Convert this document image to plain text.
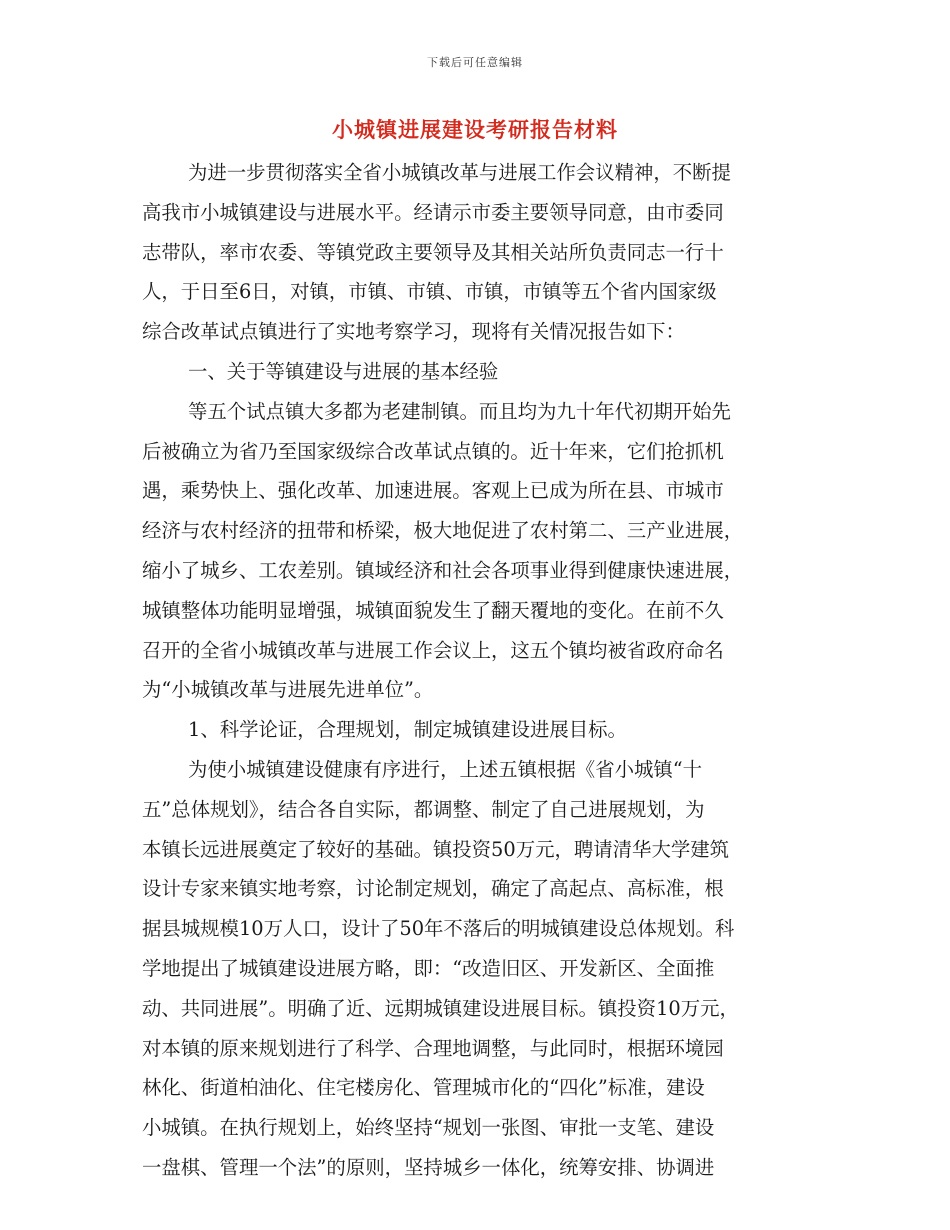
下载后可任意编辑
小城镇进展建设考研报告材料
为进一步贯彻落实全省小城镇改革与进展工作会议精神，不断提
高我市小城镇建设与进展水平。经请示市委主要领导同意，由市委同
志带队，率市农委、等镇党政主要领导及其相关站所负责同志一行十
人，于日至6日，对镇，市镇、市镇、市镇，市镇等五个省内国家级
综合改革试点镇进行了实地考察学习，现将有关情况报告如下：
一、关于等镇建设与进展的基本经验
等五个试点镇大多都为老建制镇。而且均为九十年代初期开始先
后被确立为省乃至国家级综合改革试点镇的。近十年来，它们抢抓机
遇，乘势快上、强化改革、加速进展。客观上已成为所在县、市城市
经济与农村经济的扭带和桥梁，极大地促进了农村第二、三产业进展，
缩小了城乡、工农差别。镇域经济和社会各项事业得到健康快速进展，
城镇整体功能明显增强，城镇面貌发生了翻天覆地的变化。在前不久
召开的全省小城镇改革与进展工作会议上，这五个镇均被省政府命名
为“小城镇改革与进展先进单位”。
1、科学论证，合理规划，制定城镇建设进展目标。
为使小城镇建设健康有序进行，上述五镇根据《省小城镇“十
五”总体规划》，结合各自实际，都调整、制定了自己进展规划，为
本镇长远进展奠定了较好的基础。镇投资50万元，聘请清华大学建筑
设计专家来镇实地考察，讨论制定规划，确定了高起点、高标准，根
据县城规模10万人口，设计了50年不落后的明城镇建设总体规划。科
学地提出了城镇建设进展方略，即：“改造旧区、开发新区、全面推
动、共同进展”。明确了近、远期城镇建设进展目标。镇投资10万元，
对本镇的原来规划进行了科学、合理地调整，与此同时，根据环境园
林化、街道柏油化、住宅楼房化、管理城市化的“四化”标准，建设
小城镇。在执行规划上，始终坚持“规划一张图、审批一支笔、建设
一盘棋、管理一个法”的原则，坚持城乡一体化，统筹安排、协调进
